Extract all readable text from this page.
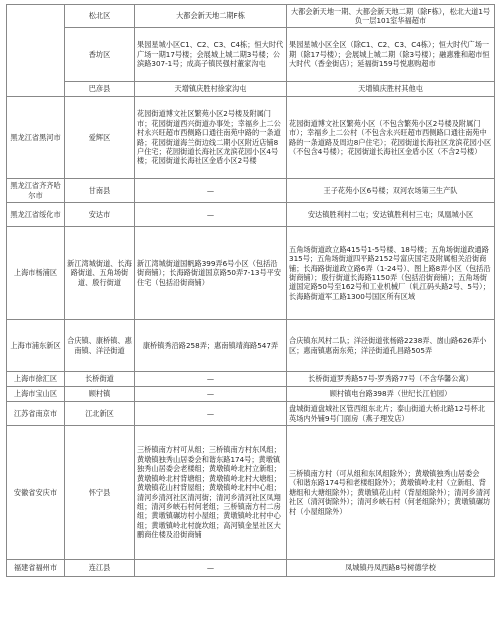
	松北区	大都会新天地二期F栋	大都会新天地一期、大都会新天地二期（除F栋），松北大道1号负一层101室华福超市
	香坊区	果园星城小区C1、C2、C3、C4栋；恒大时代广场一期17号楼；会展城上城二期3号楼；公滨路307-1号；成高子镇民强村董家沟屯	果园星城小区全区（除C1、C2、C3、C4栋）；恒大时代广场一期（除17号楼）；会展城上城二期（除3号楼）；融惠雅和超市恒大时代（香金街店）；延福街159号悦惠购超市
	巴彦县	天增镇庆胜村徐家沟屯	天增镇庆胜村其他屯
黑龙江省黑河市	爱辉区	花园街道博文社区繁苑小区2号楼及附属门市；花园街道西兴街道办事处；幸福乡上二公村永兴旺超市西侧路口通往南苑中路的一条道路；花园街道海兰街边线二期小区附近店铺8户住宅；花园街道长海社区龙滨花园小区4号楼；花园街道长海社区金盾小区2号楼	花园街道博文社区繁苑小区（不包含繁苑小区2号楼及附属门市）；幸福乡上二公村（不包含永兴旺超市西侧路口通往南苑中路的一条道路及周边8户住宅）；花园街道长海社区龙滨花园小区（不包含4号楼）；花园街道长海社区金盾小区（不含2号楼）
黑龙江省齐齐哈尔市	甘南县	—	王子花苑小区6号楼；双河农场第三生产队
黑龙江省绥化市	安达市	—	安达镇胜利村二屯；安达镇胜利村三屯；凤凰城小区
上海市杨浦区	新江湾城街道、长海路街道、五角场街道、殷行街道	新江湾城街道国帆路399弄6号小区（包括沿街商铺）；长海路街道国京路50弄7-13号平安住宅（包括沿街商铺）	五角场街道政立路415号1-5号楼、18号楼；五角场街道政通路315号；五角场街道四平路2152号富庆国宅及附属相关沿街商铺；长海路街道政立路6弄（1-24号）、图上路8弄小区（包括沿街商铺）；殷行街道长海路1150弄（包括沿街商铺）；五角场街道国定路50号至162号和工业机械厂（轧江码头路2号、5号）；长海路街道军工路1300号国区所有区域
上海市浦东新区	合庆镇、康桥镇、惠南镇、洋泾街道	康桥镇秀沿路258弄；惠南镇靖海路547弄	合庆镇东风村二队；洋泾街道张杨路2238弄、崮山路626弄小区；惠南镇惠南东苑；洋泾街道孔昌路505弄
上海市徐汇区	长桥街道	—	长桥街道罗秀路57号-罗秀路77号（不含华馨公寓）
上海市宝山区	顾村镇	—	顾村镇电台路398弄（世纪长江伯园）
江苏省南京市	江北新区	—	盘城街道盘城社区管西组东北片；泰山街道大桥北路12号杯北英场内外铺9号门面房（燕子理发店）
安徽省安庆市	怀宁县	三桥镇南方村可从组；三桥镇南方村东风组；黄墩镇独秀山居委会和谐东路174号；黄墩镇独秀山居委会老楼组；黄墩镇岭北村立新组；黄墩镇岭北村背塘组；黄墩镇岭北村大塘组；黄墩镇花山村背屋组；黄墩镇岭北村中心组；清河乡清河社区清河街；清河乡清河社区凤翔组；清河乡峡石村何老组；三桥镇南方村二房组；黄墩镇碾坊村小屋组；黄墩镇岭北村中心组；黄墩镇岭北村旋坎组；高河镇金星社区大鹏商住楼及沿街商铺	三桥镇南方村（可从组和东风组除外）；黄墩镇独秀山居委会（和谐东路174号和老楼组除外）；黄墩镇岭北村（立新组、背塘组和大塘组除外）；黄墩镇花山村（背屋组除外）；清河乡清河社区（清河街除外）；清河乡峡石村（何老组除外）；黄墩镇碾坊村（小屋组除外）
福建省福州市	连江县	—	凤城镇丹凤西路8号树德学校
